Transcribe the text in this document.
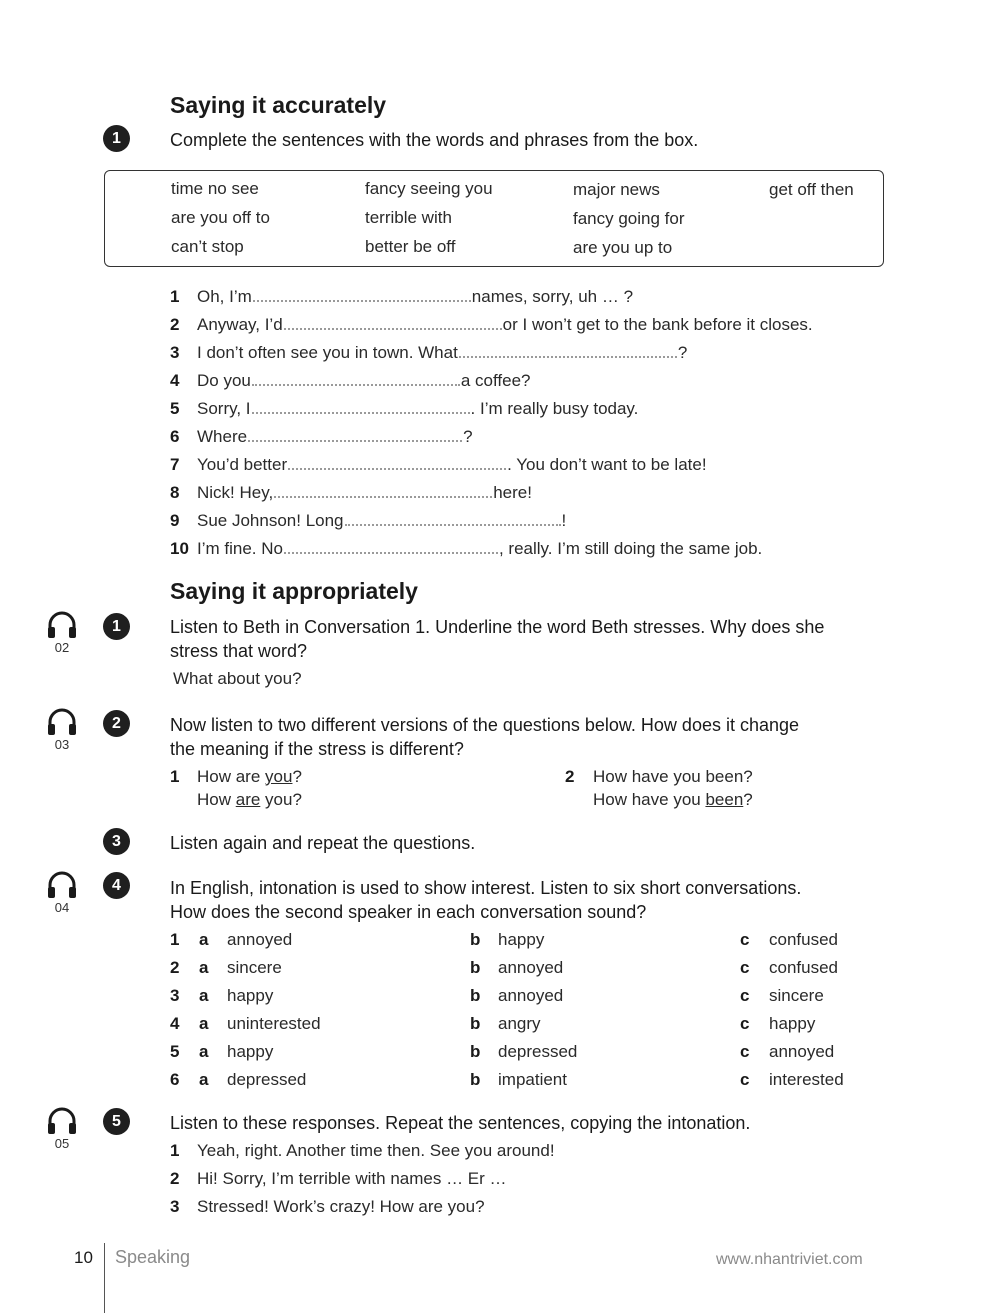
Saying it accurately
1	Complete the sentences with the words and phrases from the box.
time no see	fancy seeing you	major news	get off then
are you off to	terrible with	fancy going for
can’t stop	better be off	are you up to
1 Oh, I’m	names, sorry, uh … ?
2 Anyway, I’d	or I won’t get to the bank before it closes.
3 I don’t often see you in town. What	?
4 Do you	a coffee?
5 Sorry, I	. I’m really busy today.
6 Where	?
7 You’d better	. You don’t want to be late!
8 Nick! Hey,	here!
9 Sue Johnson! Long	!
10 I’m fine. No	, really. I’m still doing the same job.
Saying it appropriately
02
1	Listen to Beth in Conversation 1. Underline the word Beth stresses. Why does she
stress that word?
What about you?
03
2	Now listen to two different versions of the questions below. How does it change
the meaning if the stress is different?
1 How are you?
How are you?
2 How have you been?
How have you been?
3	Listen again and repeat the questions.
04
4	In English, intonation is used to show interest. Listen to six short conversations.
How does the second speaker in each conversation sound?
1 a annoyed	b happy	c confused
2 a sincere	b annoyed	c confused
3 a happy	b annoyed	c sincere
4 a uninterested	b angry	c happy
5 a happy	b depressed	c annoyed
6 a depressed	b impatient	c interested
05
5	Listen to these responses. Repeat the sentences, copying the intonation.
1 Yeah, right. Another time then. See you around!
2 Hi! Sorry, I’m terrible with names … Er …
3 Stressed! Work’s crazy! How are you?
10 Speaking	www.nhantriviet.com
